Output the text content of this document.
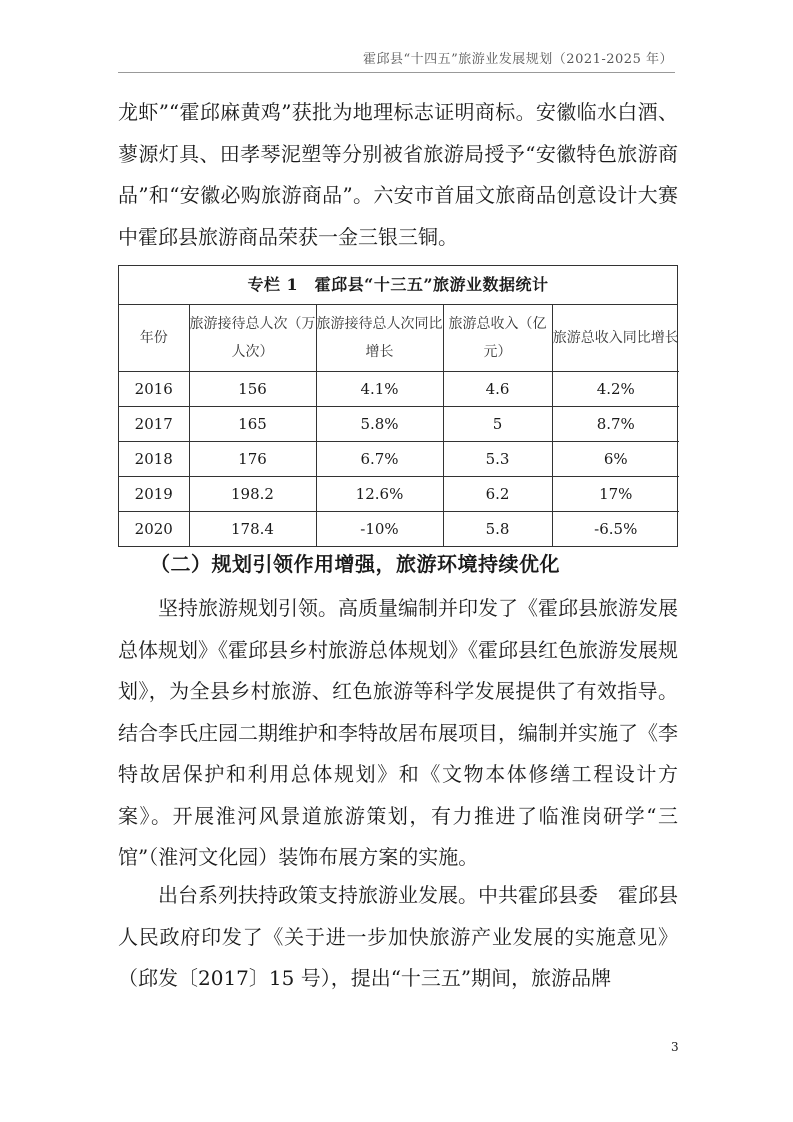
霍邱县“十四五”旅游业发展规划（2021-2025 年）

龙虾”“霍邱麻黄鸡”获批为地理标志证明商标。安徽临水白酒、蓼源灯具、田孝琴泥塑等分别被省旅游局授予“安徽特色旅游商品”和“安徽必购旅游商品”。六安市首届文旅商品创意设计大赛中霍邱县旅游商品荣获一金三银三铜。

专栏 1　霍邱县“十三五”旅游业数据统计
年份	旅游接待总人次（万人次）	旅游接待总人次同比增长	旅游总收入（亿元）	旅游总收入同比增长
2016	156	4.1%	4.6	4.2%
2017	165	5.8%	5	8.7%
2018	176	6.7%	5.3	6%
2019	198.2	12.6%	6.2	17%
2020	178.4	-10%	5.8	-6.5%
（二）规划引领作用增强，旅游环境持续优化

坚持旅游规划引领。高质量编制并印发了《霍邱县旅游发展总体规划》《霍邱县乡村旅游总体规划》《霍邱县红色旅游发展规划》，为全县乡村旅游、红色旅游等科学发展提供了有效指导。结合李氏庄园二期维护和李特故居布展项目，编制并实施了《李特故居保护和利用总体规划》和《文物本体修缮工程设计方案》。开展淮河风景道旅游策划，有力推进了临淮岗研学“三馆”（淮河文化园）装饰布展方案的实施。

出台系列扶持政策支持旅游业发展。中共霍邱县委　霍邱县人民政府印发了《关于进一步加快旅游产业发展的实施意见》（邱发〔2017〕15 号），提出“十三五”期间，旅游品牌

3
